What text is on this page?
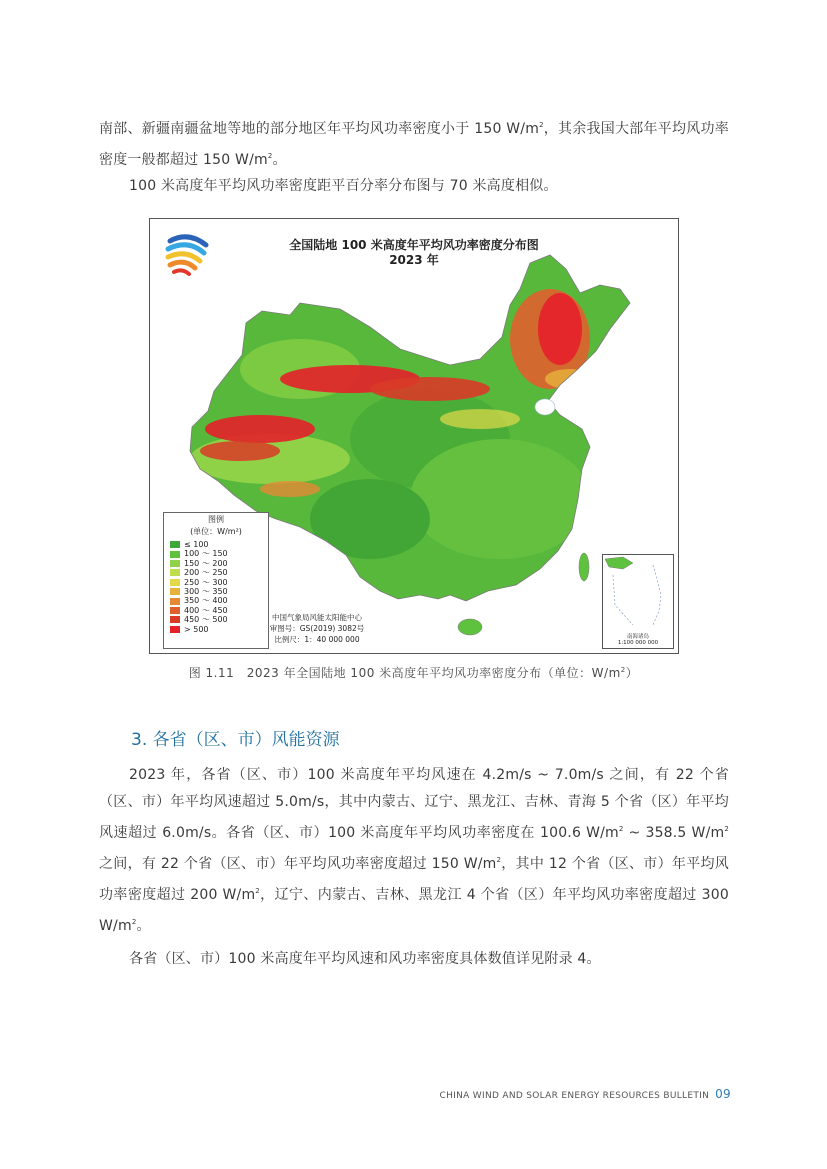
南部、新疆南疆盆地等地的部分地区年平均风功率密度小于 150 $W/m^2$，其余我国大部年平均风功率密度一般都超过 150 $W/m^2$。

100 米高度年平均风功率密度距平百分率分布图与 70 米高度相似。

全国陆地 100 米高度年平均风功率密度分布图
2023 年
图例
(单位：W/m²)
≤ 100
100 ～ 150
150 ～ 200
200 ～ 250
250 ～ 300
300 ～ 350
350 ～ 400
400 ～ 450
450 ～ 500
> 500
中国气象局风能太阳能中心
审图号：GS(2019) 3082号
比例尺：1：40 000 000	南海诸岛
1:100 000 000
图 1.11　2023 年全国陆地 100 米高度年平均风功率密度分布（单位：$W/m^2$）
3. 各省（区、市）风能资源

2023 年，各省（区、市）100 米高度年平均风速在 4.2m/s ~ 7.0m/s 之间，有 22 个省（区、市）年平均风速超过 5.0m/s，其中内蒙古、辽宁、黑龙江、吉林、青海 5 个省（区）年平均风速超过 6.0m/s。各省（区、市）100 米高度年平均风功率密度在 100.6 $W/m^2$ ~ 358.5 $W/m^2$之间，有 22 个省（区、市）年平均风功率密度超过 150 $W/m^2$，其中 12 个省（区、市）年平均风功率密度超过 200 $W/m^2$，辽宁、内蒙古、吉林、黑龙江 4 个省（区）年平均风功率密度超过 300 $W/m^2$。

各省（区、市）100 米高度年平均风速和风功率密度具体数值详见附录 4。

CHINA WIND AND SOLAR ENERGY RESOURCES BULLETIN 09
